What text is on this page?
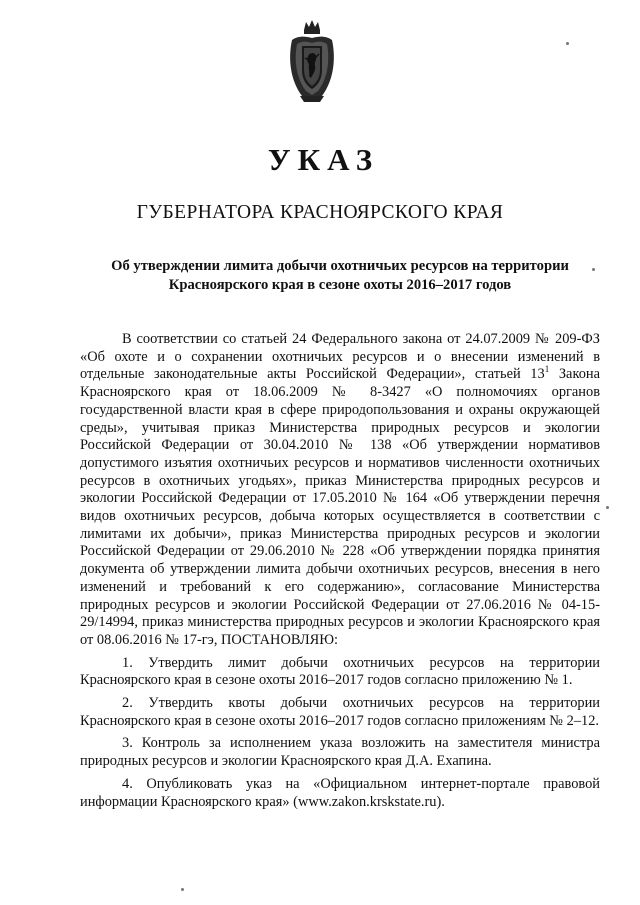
УКАЗ
ГУБЕРНАТОРА КРАСНОЯРСКОГО КРАЯ
Об утверждении лимита добычи охотничьих ресурсов на территории
Красноярского края в сезоне охоты 2016–2017 годов

В соответствии со статьей 24 Федерального закона от 24.07.2009 № 209-ФЗ «Об охоте и о сохранении охотничьих ресурсов и о внесении изменений в отдельные законодательные акты Российской Федерации», статьей $13^1$ Закона Красноярского края от 18.06.2009 № 8-3427 «О полномочиях органов государственной власти края в сфере природопользования и охраны окружающей среды», учитывая приказ Министерства природных ресурсов и экологии Российской Федерации от 30.04.2010 № 138 «Об утверждении нормативов допустимого изъятия охотничьих ресурсов и нормативов численности охотничьих ресурсов в охотничьих угодьях», приказ Министерства природных ресурсов и экологии Российской Федерации от 17.05.2010 № 164 «Об утверждении перечня видов охотничьих ресурсов, добыча которых осуществляется в соответствии с лимитами их добычи», приказ Министерства природных ресурсов и экологии Российской Федерации от 29.06.2010 № 228 «Об утверждении порядка принятия документа об утверждении лимита добычи охотничьих ресурсов, внесения в него изменений и требований к его содержанию», согласование Министерства природных ресурсов и экологии Российской Федерации от 27.06.2016 № 04-15-29/14994, приказ министерства природных ресурсов и экологии Красноярского края от 08.06.2016 № 17-гэ, ПОСТАНОВЛЯЮ:

1. Утвердить лимит добычи охотничьих ресурсов на территории Красноярского края в сезоне охоты 2016–2017 годов согласно приложению № 1.

2. Утвердить квоты добычи охотничьих ресурсов на территории Красноярского края в сезоне охоты 2016–2017 годов согласно приложениям № 2–12.

3. Контроль за исполнением указа возложить на заместителя министра природных ресурсов и экологии Красноярского края Д.А. Ехапина.

4. Опубликовать указ на «Официальном интернет-портале правовой информации Красноярского края» (www.zakon.krskstate.ru).
